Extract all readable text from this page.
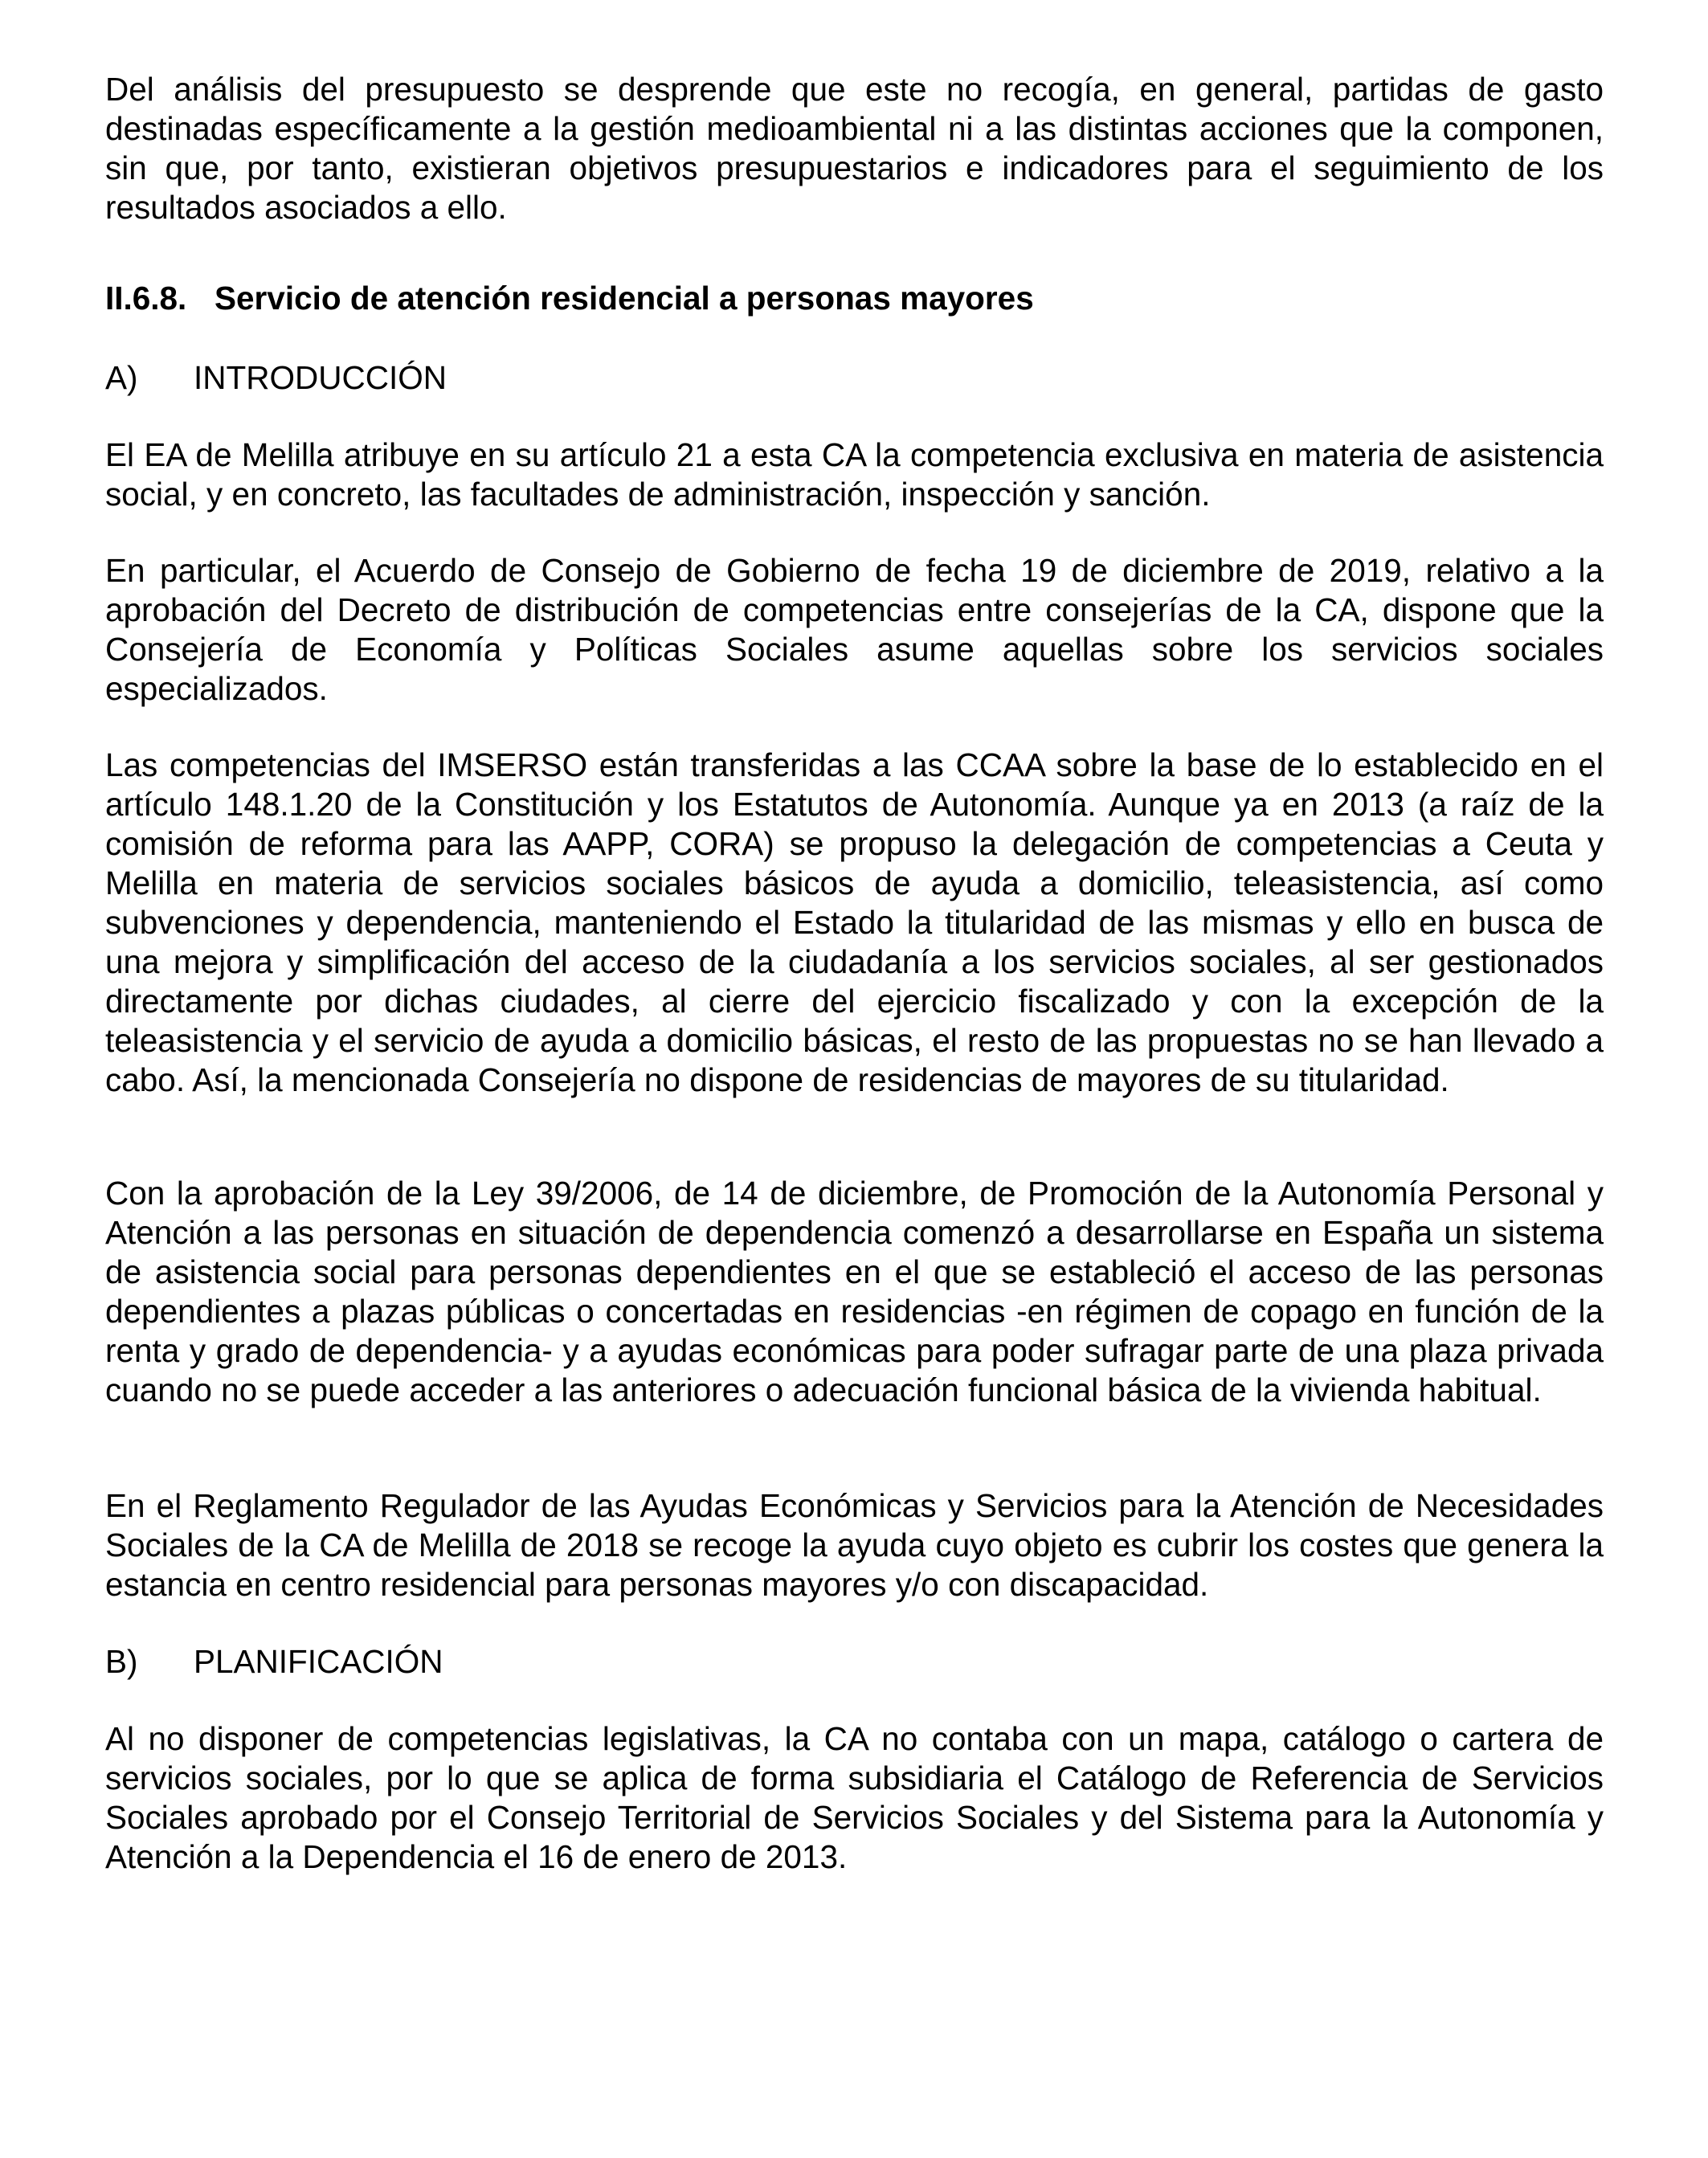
Del análisis del presupuesto se desprende que este no recogía, en general, partidas de gasto destinadas específicamente a la gestión medioambiental ni a las distintas acciones que la componen, sin que, por tanto, existieran objetivos presupuestarios e indicadores para el seguimiento de los resultados asociados a ello.

II.6.8. Servicio de atención residencial a personas mayores
A)	INTRODUCCIÓN

El EA de Melilla atribuye en su artículo 21 a esta CA la competencia exclusiva en materia de asistencia social, y en concreto, las facultades de administración, inspección y sanción.

En particular, el Acuerdo de Consejo de Gobierno de fecha 19 de diciembre de 2019, relativo a la aprobación del Decreto de distribución de competencias entre consejerías de la CA, dispone que la Consejería de Economía y Políticas Sociales asume aquellas sobre los servicios sociales especializados.

Las competencias del IMSERSO están transferidas a las CCAA sobre la base de lo establecido en el artículo 148.1.20 de la Constitución y los Estatutos de Autonomía. Aunque ya en 2013 (a raíz de la comisión de reforma para las AAPP, CORA) se propuso la delegación de competencias a Ceuta y Melilla en materia de servicios sociales básicos de ayuda a domicilio, teleasistencia, así como subvenciones y dependencia, manteniendo el Estado la titularidad de las mismas y ello en busca de una mejora y simplificación del acceso de la ciudadanía a los servicios sociales, al ser gestionados directamente por dichas ciudades, al cierre del ejercicio fiscalizado y con la excepción de la teleasistencia y el servicio de ayuda a domicilio básicas, el resto de las propuestas no se han llevado a cabo. Así, la mencionada Consejería no dispone de residencias de mayores de su titularidad.

Con la aprobación de la Ley 39/2006, de 14 de diciembre, de Promoción de la Autonomía Personal y Atención a las personas en situación de dependencia comenzó a desarrollarse en España un sistema de asistencia social para personas dependientes en el que se estableció el acceso de las personas dependientes a plazas públicas o concertadas en residencias -en régimen de copago en función de la renta y grado de dependencia- y a ayudas económicas para poder sufragar parte de una plaza privada cuando no se puede acceder a las anteriores o adecuación funcional básica de la vivienda habitual.

En el Reglamento Regulador de las Ayudas Económicas y Servicios para la Atención de Necesidades Sociales de la CA de Melilla de 2018 se recoge la ayuda cuyo objeto es cubrir los costes que genera la estancia en centro residencial para personas mayores y/o con discapacidad.

B)	PLANIFICACIÓN

Al no disponer de competencias legislativas, la CA no contaba con un mapa, catálogo o cartera de servicios sociales, por lo que se aplica de forma subsidiaria el Catálogo de Referencia de Servicios Sociales aprobado por el Consejo Territorial de Servicios Sociales y del Sistema para la Autonomía y Atención a la Dependencia el 16 de enero de 2013.
